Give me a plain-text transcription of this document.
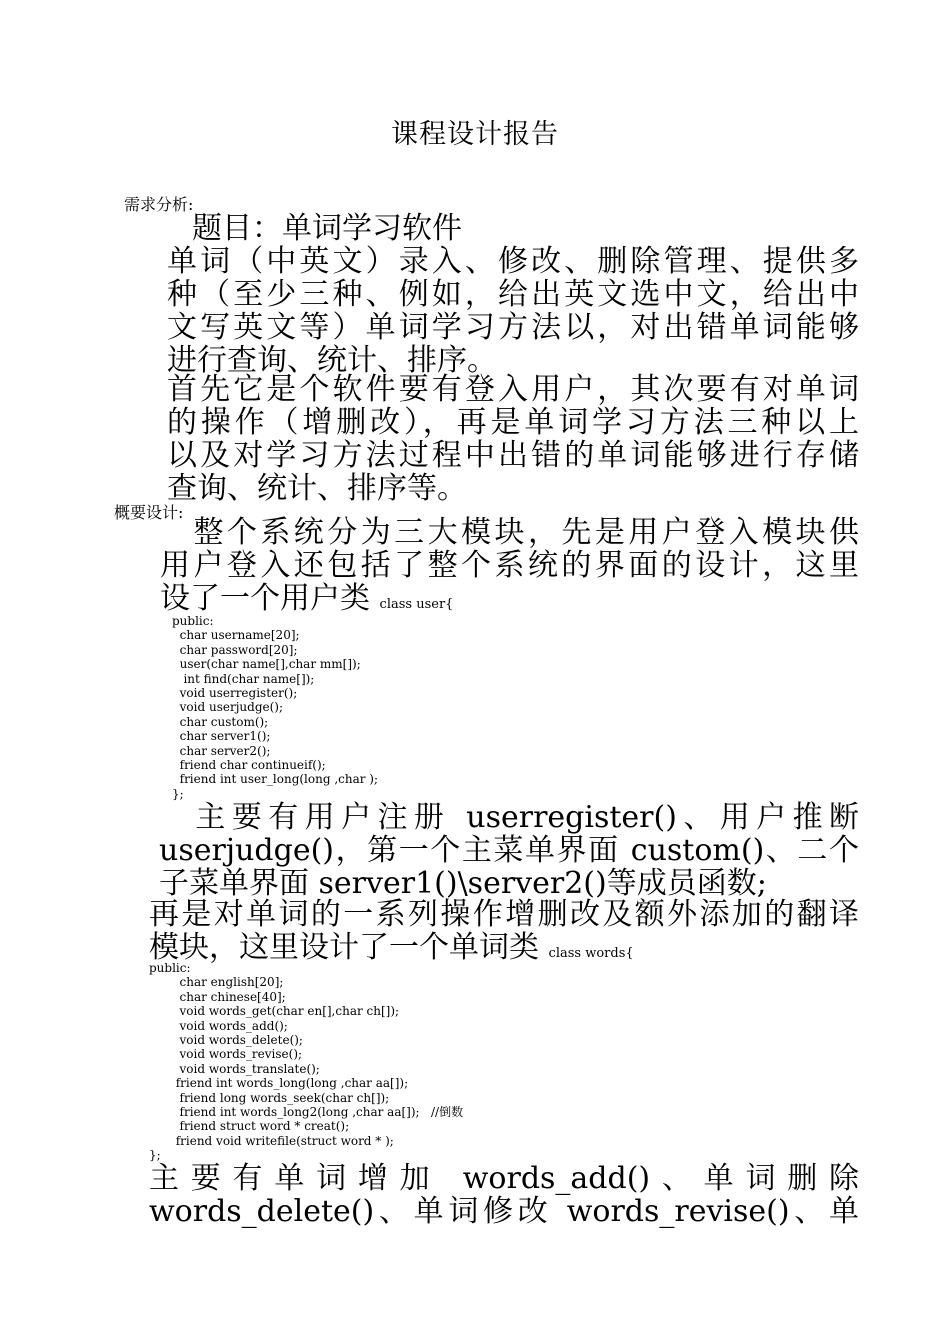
课程设计报告
需求分析:
题目：单词学习软件
单词（中英文）录入、修改、删除管理、提供多
种（至少三种、例如，给出英文选中文，给出中
文写英文等）单词学习方法以，对出错单词能够
进行查询、统计、排序。
首先它是个软件要有登入用户，其次要有对单词
的操作（增删改），再是单词学习方法三种以上
以及对学习方法过程中出错的单词能够进行存储
查询、统计、排序等。
概要设计:
　整个系统分为三大模块，先是用户登入模块供
用户登入还包括了整个系统的界面的设计，这里
设了一个用户类 class user{
public:
char username[20];
char password[20];
user(char name[],char mm[]);
int find(char name[]);
void userregister();
void userjudge();
char custom();
char server1();
char server2();
friend char continueif();
friend int user_long(long ,char );
};
　主要有用户注册 userregister()、用户推断
userjudge()，第一个主菜单界面 custom()、二个
子菜单界面 server1()\server2()等成员函数;
再是对单词的一系列操作增删改及额外添加的翻译
模块，这里设计了一个单词类 class words{
public:
char english[20];
char chinese[40];
void words_get(char en[],char ch[]);
void words_add();
void words_delete();
void words_revise();
void words_translate();
friend int words_long(long ,char aa[]);
friend long words_seek(char ch[]);
friend int words_long2(long ,char aa[]);   //倒数
friend struct word * creat();
friend void writefile(struct word * );
};
主要有单词增加 words_add()、单词删除
words_delete()、单词修改 words_revise()、单
